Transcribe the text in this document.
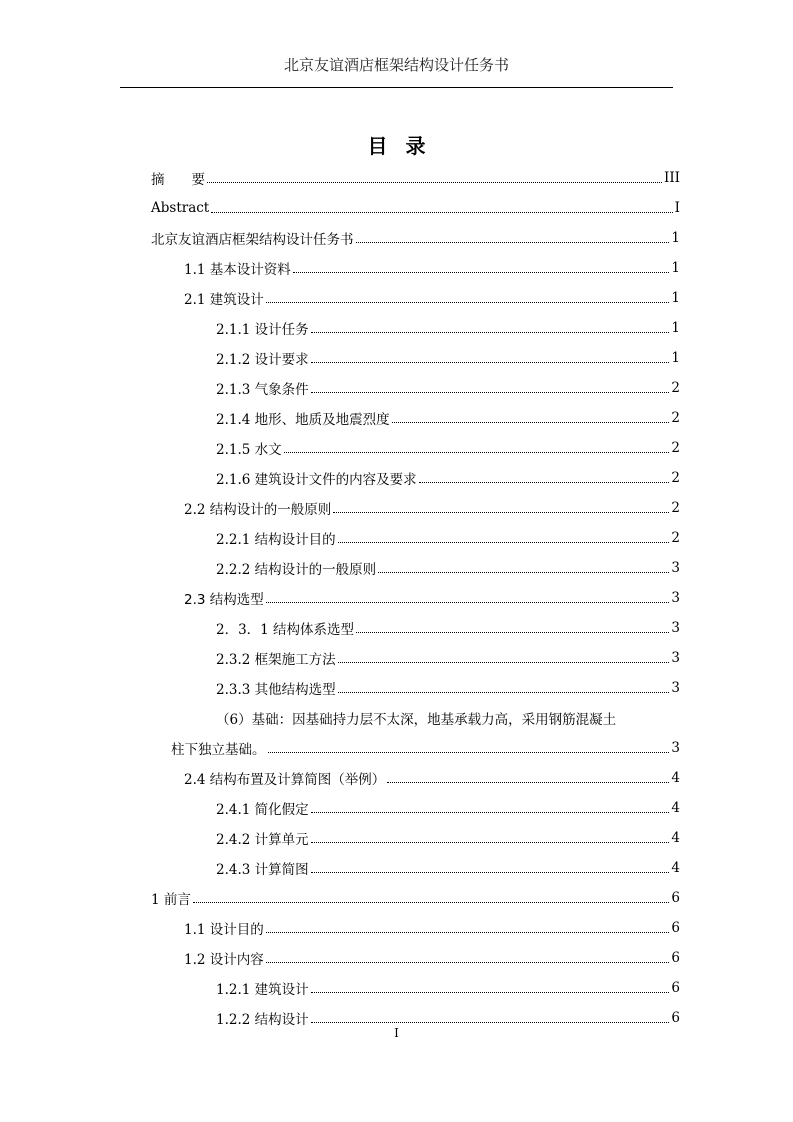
北京友谊酒店框架结构设计任务书
目录
摘　　要	III
Abstract	I
北京友谊酒店框架结构设计任务书	1
1.1 基本设计资料	1
2.1 建筑设计	1
2.1.1 设计任务	1
2.1.2 设计要求	1
2.1.3 气象条件	2
2.1.4 地形、地质及地震烈度	2
2.1.5 水文	2
2.1.6 建筑设计文件的内容及要求	2
2.2 结构设计的一般原则	2
2.2.1 结构设计目的	2
2.2.2 结构设计的一般原则	3
2.3 结构选型	3
2．3．1 结构体系选型	3
2.3.2 框架施工方法	3
2.3.3 其他结构选型	3
（6）基础：因基础持力层不太深，地基承载力高，采用钢筋混凝土
柱下独立基础。	3
2.4 结构布置及计算简图（举例）	4
2.4.1 简化假定	4
2.4.2 计算单元	4
2.4.3 计算简图	4
1 前言	6
1.1 设计目的	6
1.2 设计内容	6
1.2.1 建筑设计	6
1.2.2 结构设计	6
I
